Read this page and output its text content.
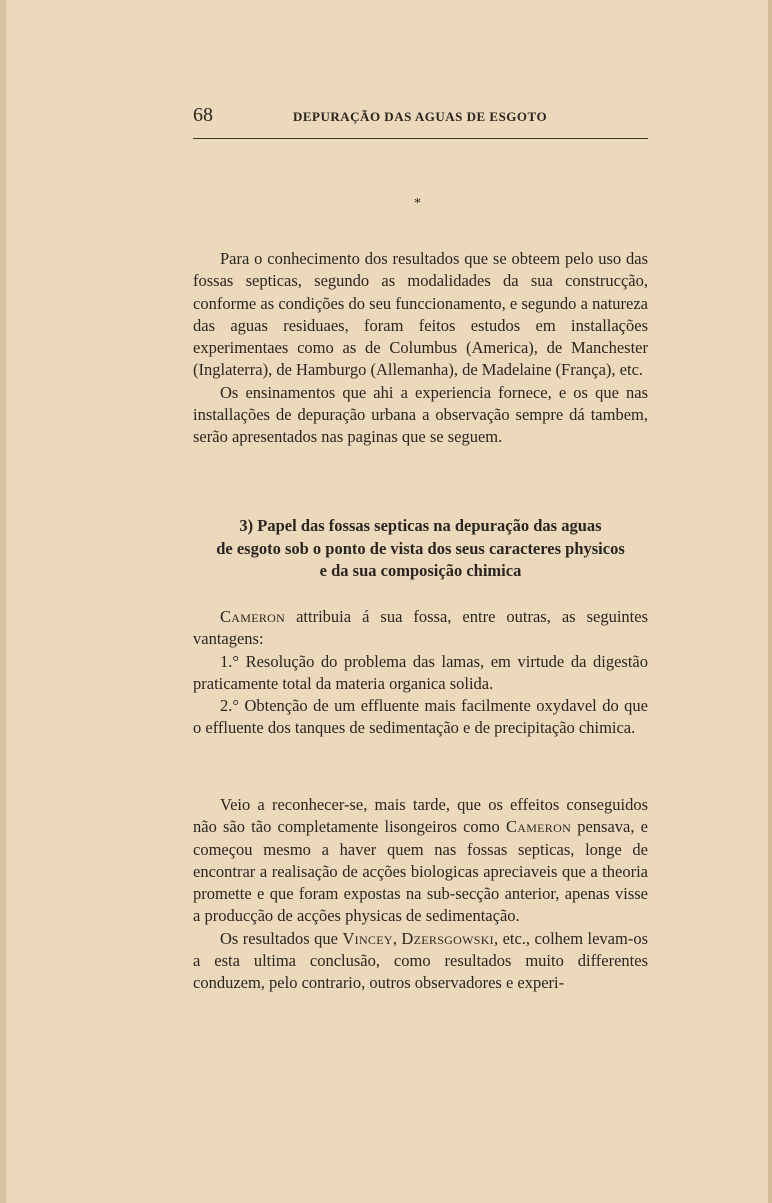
68	DEPURAÇÃO DAS AGUAS DE ESGOTO
*

Para o conhecimento dos resultados que se obteem pelo uso das fossas septicas, segundo as modalidades da sua construcção, conforme as condições do seu funccionamento, e segundo a natureza das aguas residuaes, foram feitos estudos em installações experimentaes como as de Columbus (America), de Manchester (Inglaterra), de Hamburgo (Allemanha), de Madelaine (França), etc.

Os ensinamentos que ahi a experiencia fornece, e os que nas installações de depuração urbana a observação sempre dá tambem, serão apresentados nas paginas que se seguem.

3) Papel das fossas septicas na depuração das aguas

de esgoto sob o ponto de vista dos seus caracteres physicos

e da sua composição chimica

Cameron attribuia á sua fossa, entre outras, as seguintes vantagens:

1.° Resolução do problema das lamas, em virtude da digestão praticamente total da materia organica solida.

2.° Obtenção de um effluente mais facilmente oxydavel do que o effluente dos tanques de sedimentação e de precipitação chimica.

Veio a reconhecer-se, mais tarde, que os effeitos conseguidos não são tão completamente lisongeiros como Cameron pensava, e começou mesmo a haver quem nas fossas septicas, longe de encontrar a realisação de acções biologicas apreciaveis que a theoria promette e que foram expostas na sub-secção anterior, apenas visse a producção de acções physicas de sedimentação.

Os resultados que Vincey, Dzersgowski, etc., colhem levam-os a esta ultima conclusão, como resultados muito differentes conduzem, pelo contrario, outros observadores e experi-
